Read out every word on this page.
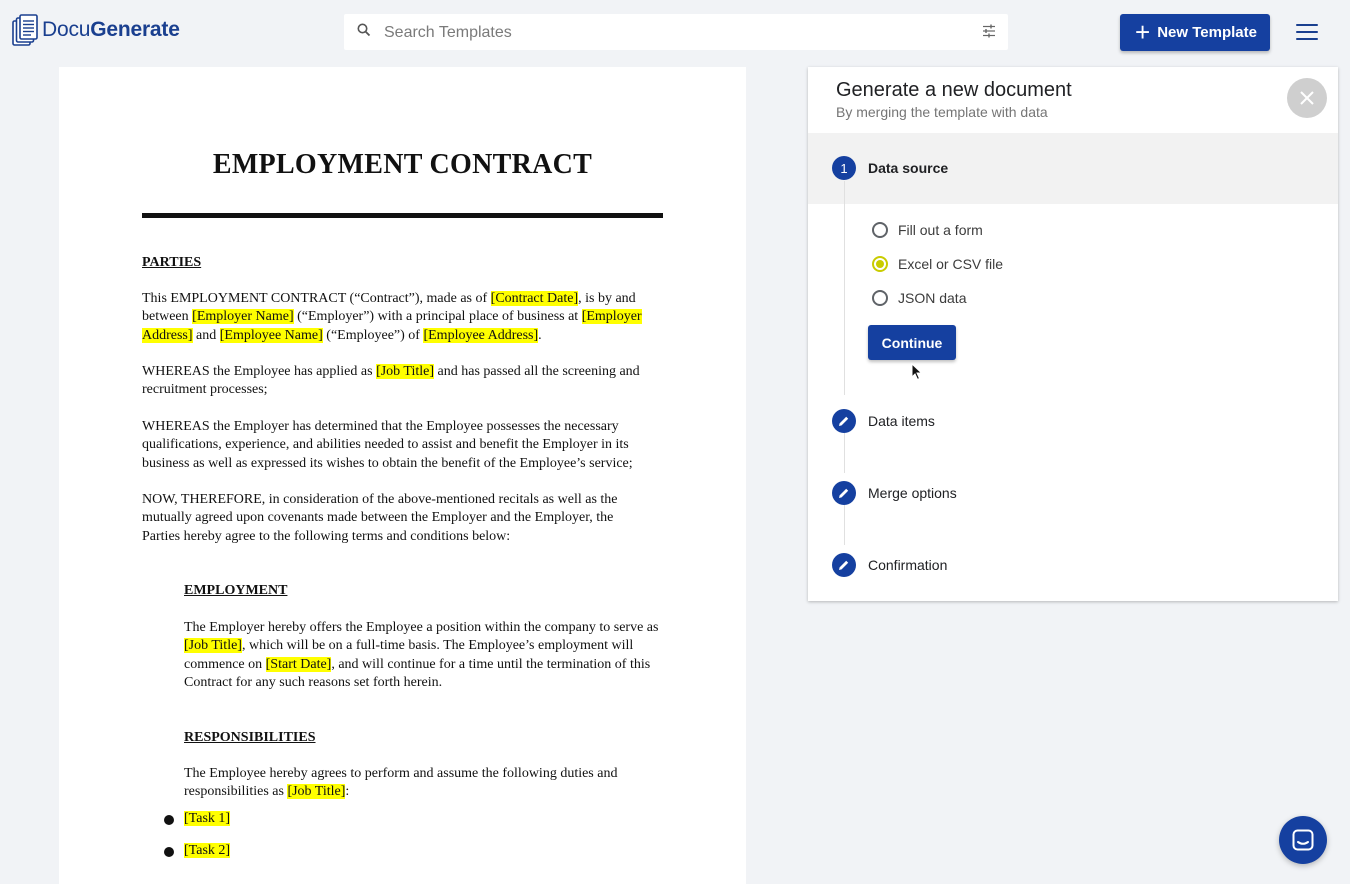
DocuGenerate
Search Templates	+ New Template
EMPLOYMENT CONTRACT

PARTIES

This EMPLOYMENT CONTRACT (“Contract”), made as of [Contract Date], is by and between [Employer Name] (“Employer”) with a principal place of business at [Employer Address] and [Employee Name] (“Employee”) of [Employee Address].

WHEREAS the Employee has applied as [Job Title] and has passed all the screening and recruitment processes;

WHEREAS the Employer has determined that the Employee possesses the necessary qualifications, experience, and abilities needed to assist and benefit the Employer in its business as well as expressed its wishes to obtain the benefit of the Employee’s service;

NOW, THEREFORE, in consideration of the above-mentioned recitals as well as the mutually agreed upon covenants made between the Employer and the Employer, the Parties hereby agree to the following terms and conditions below:

EMPLOYMENT

The Employer hereby offers the Employee a position within the company to serve as [Job Title], which will be on a full-time basis. The Employee’s employment will commence on [Start Date], and will continue for a time until the termination of this Contract for any such reasons set forth herein.

RESPONSIBILITIES

The Employee hereby agrees to perform and assume the following duties and responsibilities as [Job Title]:

[Task 1]

[Task 2]

Generate a new document
By merging the template with data
1	Data source
Fill out a form
Excel or CSV file
JSON data
Continue
Data items
Merge options
Confirmation
